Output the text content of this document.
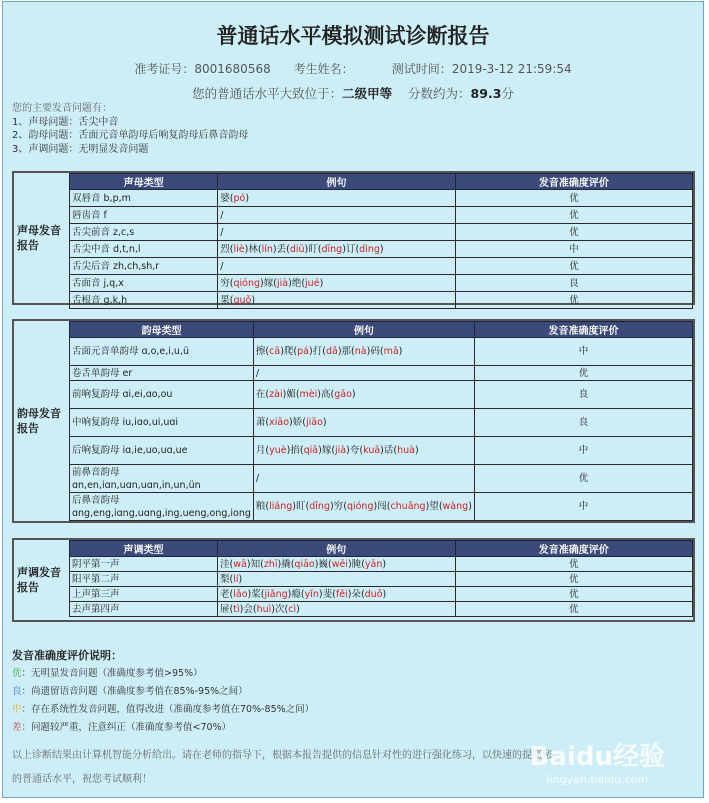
普通话水平模拟测试诊断报告
准考证号：8001680568 考生姓名：	测试时间：2019-3-12 21:59:54
您的普通话水平大致位于：二级甲等 分数约为：89.3分
您的主要发音问题有：
1、声母问题：舌尖中音
2、韵母问题：舌面元音单韵母后响复韵母后鼻音韵母
3、声调问题：无明显发音问题
声母发音报告
声母类型	例句	发音准确度评价
双唇音 b,p,m	婆(pó)	优
唇齿音 f	/	优
舌尖前音 z,c,s	/	优
舌尖中音 d,t,n,l	烈(liè)林(lín)丢(diū)盯(dīng)订(dìng)	中
舌尖后音 zh,ch,sh,r	/	优
舌面音 j,q,x	穷(qióng)嫁(jià)绝(jué)	良
舌根音 g,k,h	果(guǒ)	优
韵母发音报告
韵母类型	例句	发音准确度评价
舌面元音单韵母 ɑ,o,e,i,u,ü	擦(cā)爬(pá)打(dǎ)那(nà)码(mǎ)	中
卷舌单韵母 er	/	优
前响复韵母 ɑi,ei,ɑo,ou	在(zài)媚(mèi)高(gāo)	良
中响复韵母 iu,iɑo,ui,uɑi	萧(xiāo)娇(jiāo)	良
后响复韵母 iɑ,ie,uo,uɑ,ue	月(yuè)掐(qiā)嫁(jià)夸(kuā)话(huà)	中
前鼻音韵母 ɑn,en,iɑn,uɑn,uɑn,in,un,ün	/	优
后鼻音韵母 ɑng,eng,iɑng,uɑng,ing,ueng,ong,iong	粮(liáng)盯(dīng)穷(qióng)闯(chuǎng)望(wàng)	中
声调发音报告
声调类型	例句	发音准确度评价
阴平第一声	洼(wā)知(zhī)撬(qiāo)巍(wēi)腌(yān)	优
阳平第二声	梨(lí)	优
上声第三声	老(lǎo)桨(jiǎng)瘾(yǐn)斐(fěi)朵(duǒ)	优
去声第四声	屉(tì)会(huì)次(cì)	优
发音准确度评价说明：
优：无明显发音问题（准确度参考值>95%）
良：尚遗留语音问题（准确度参考值在85%-95%之间）
中：存在系统性发音问题，值得改进（准确度参考值在70%-85%之间）
差：问题较严重，注意纠正（准确度参考值<70%）
以上诊断结果由计算机智能分析给出。请在老师的指导下，根据本报告提供的信息针对性的进行强化练习，以快速的提高您的普通话水平，祝您考试顺利！
Baidu经验
jingyan.baidu.com
